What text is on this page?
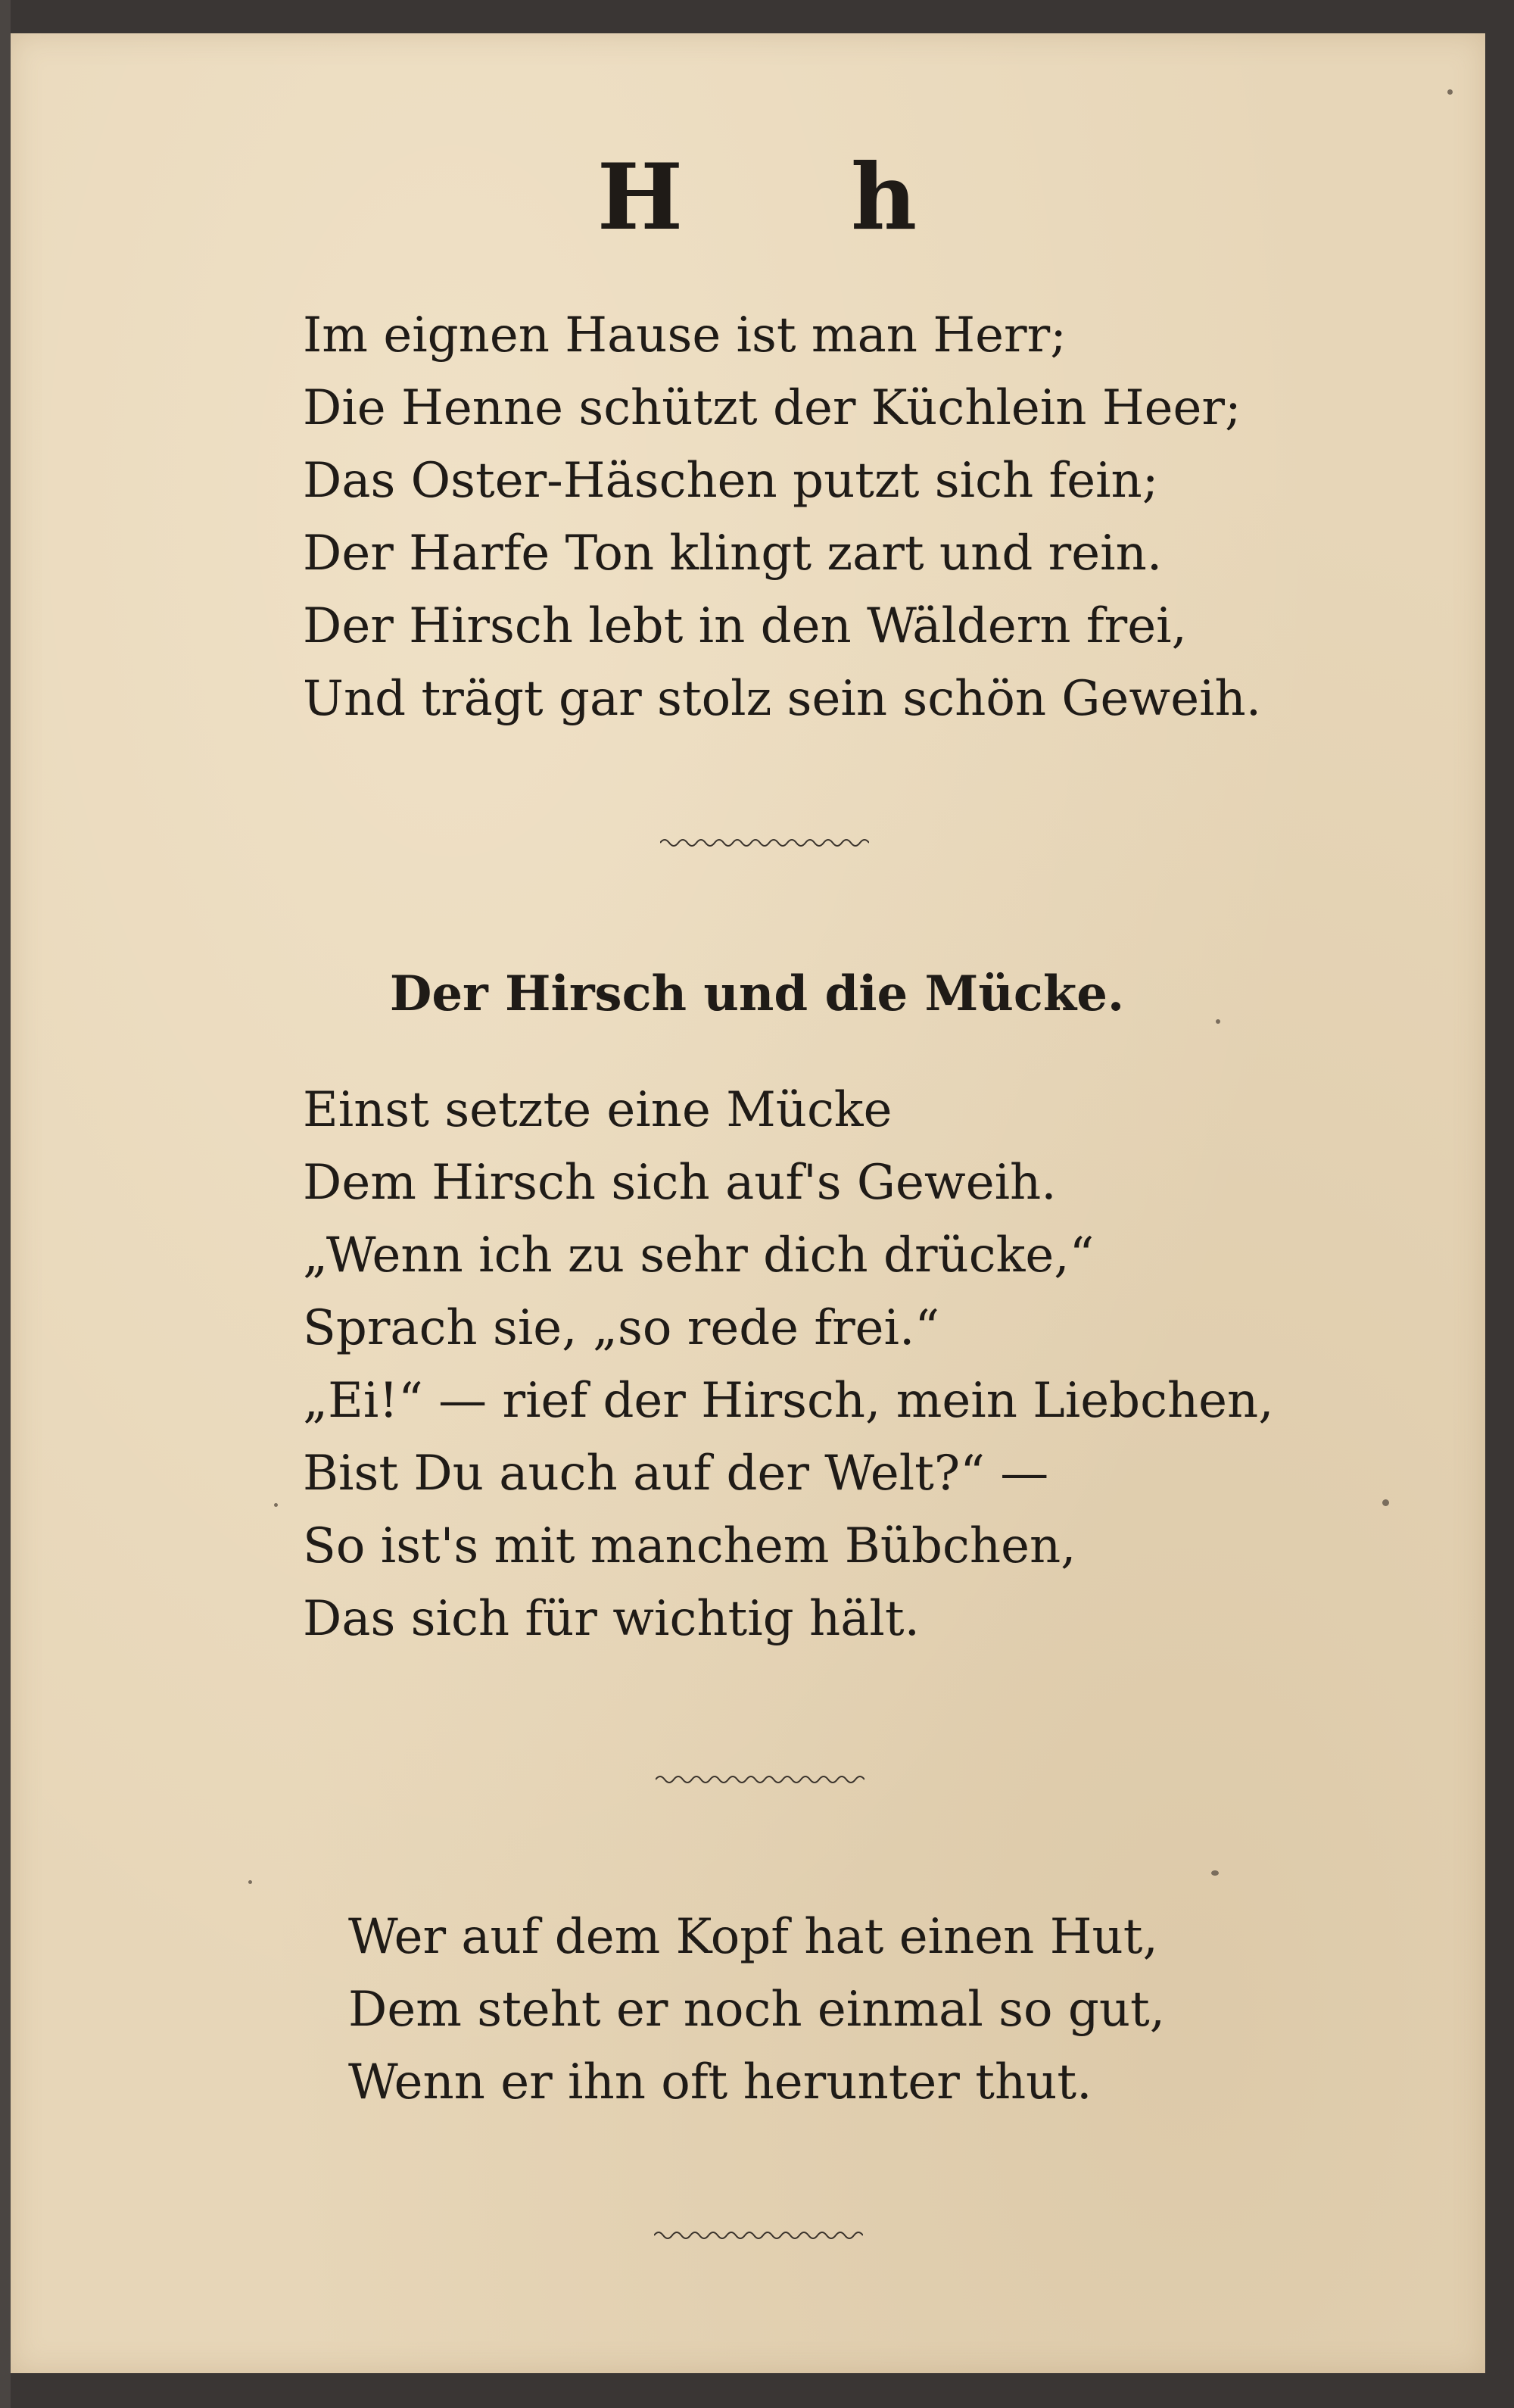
H h
Im eignen Hause ist man Herr;
Die Henne schützt der Küchlein Heer;
Das Oster-Häschen putzt sich fein;
Der Harfe Ton klingt zart und rein.
Der Hirsch lebt in den Wäldern frei,
Und trägt gar stolz sein schön Geweih.
Der Hirsch und die Mücke.
Einst setzte eine Mücke
Dem Hirsch sich auf's Geweih.
„Wenn ich zu sehr dich drücke,“
Sprach sie, „so rede frei.“
„Ei!“ — rief der Hirsch, mein Liebchen,
Bist Du auch auf der Welt?“ —
So ist's mit manchem Bübchen,
Das sich für wichtig hält.
Wer auf dem Kopf hat einen Hut,
Dem steht er noch einmal so gut,
Wenn er ihn oft herunter thut.
